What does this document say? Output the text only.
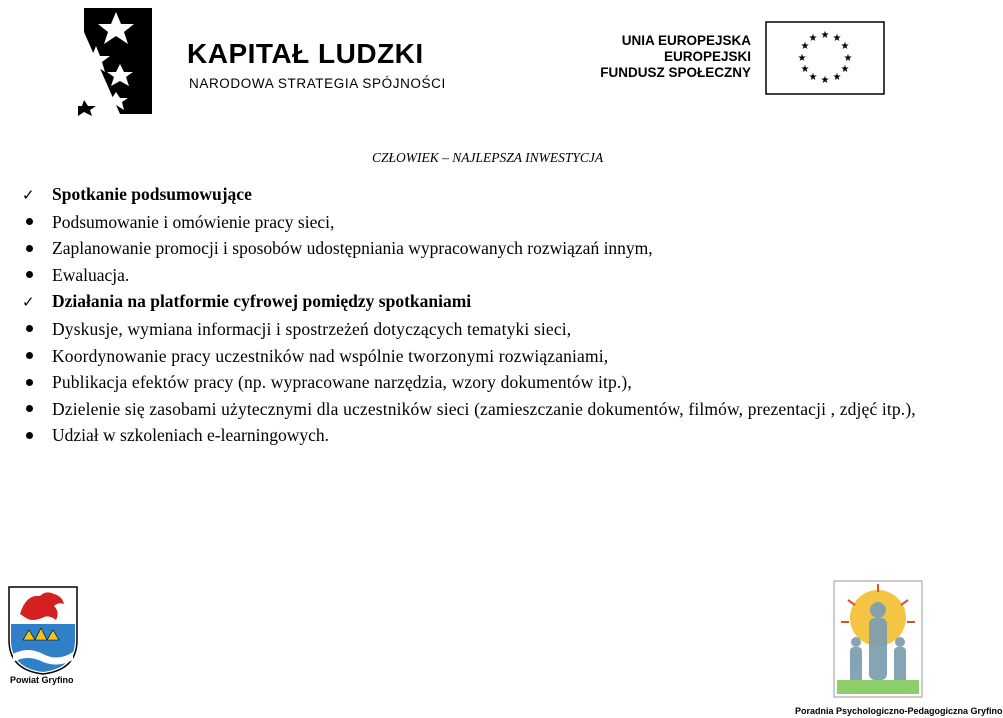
KAPITAŁ LUDZKI
NARODOWA STRATEGIA SPÓJNOŚCI
UNIA EUROPEJSKA
EUROPEJSKI
FUNDUSZ SPOŁECZNY
★ ★
★
★
★
★
★
★
★
★
★
★
CZŁOWIEK – NAJLEPSZA INWESTYCJA
✓ Spotkanie podsumowujące
Podsumowanie i omówienie pracy sieci,
Zaplanowanie promocji i sposobów udostępniania wypracowanych rozwiązań innym,
Ewaluacja.
✓ Działania na platformie cyfrowej pomiędzy spotkaniami
Dyskusje, wymiana informacji i spostrzeżeń dotyczących tematyki sieci,
Koordynowanie pracy uczestników nad wspólnie tworzonymi rozwiązaniami,
Publikacja efektów pracy (np. wypracowane narzędzia, wzory dokumentów itp.),
Dzielenie się zasobami użytecznymi dla uczestników sieci (zamieszczanie dokumentów, filmów, prezentacji , zdjęć itp.),
Udział w szkoleniach e-learningowych.
Powiat Gryfino
Poradnia Psychologiczno-Pedagogiczna Gryfino
